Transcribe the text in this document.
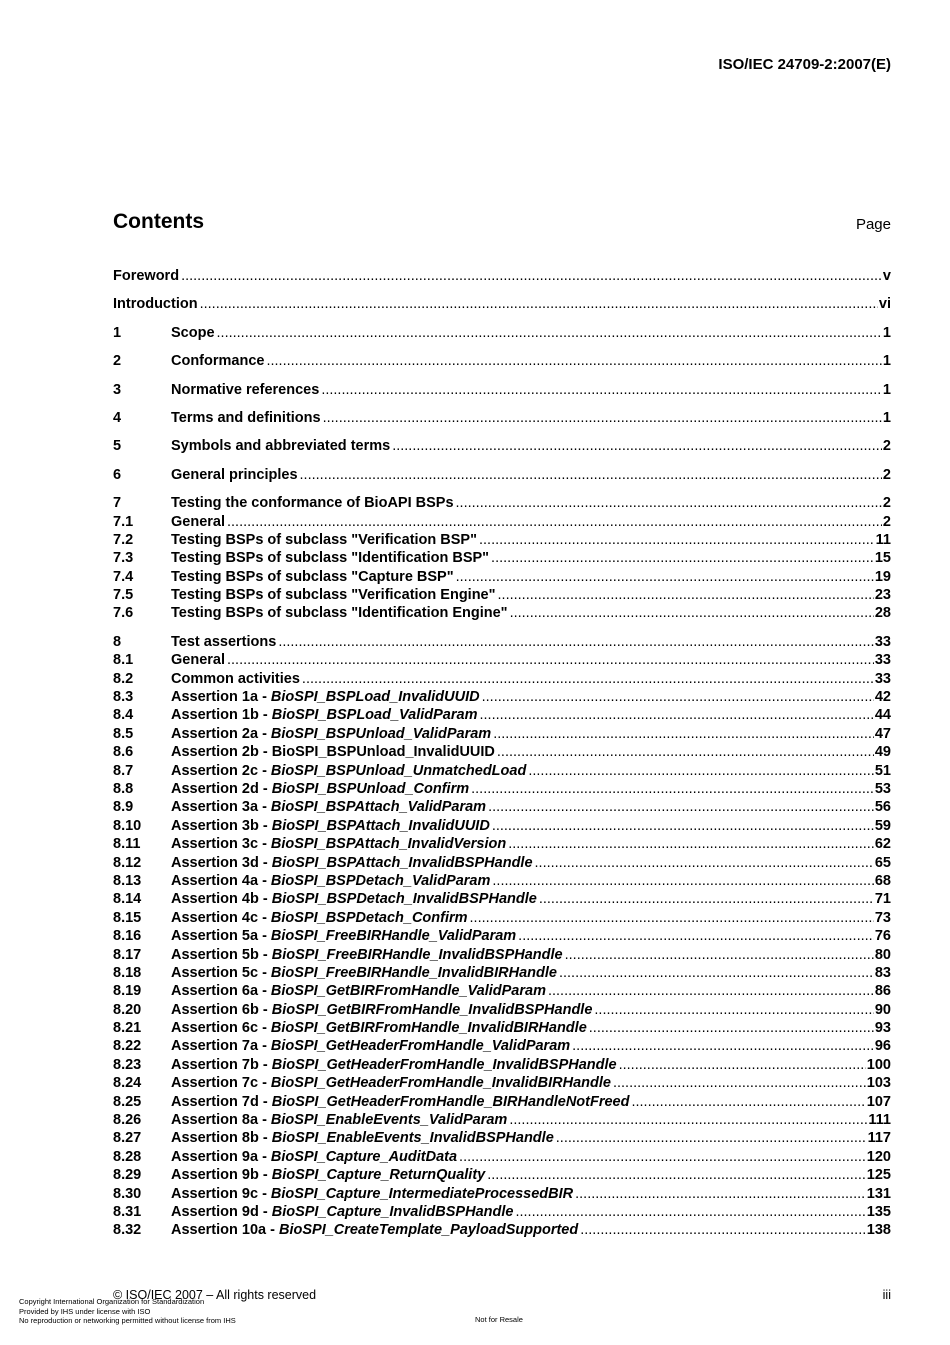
ISO/IEC 24709-2:2007(E)
Contents	Page
Foreword .....	v
Introduction .....	vi
1	Scope .....	1
2	Conformance .....	1
3	Normative references .....	1
4	Terms and definitions .....	1
5	Symbols and abbreviated terms .....	2
6	General principles .....	2
7	Testing the conformance of BioAPI BSPs .....	2
7.1	General .....	2
7.2	Testing BSPs of subclass "Verification BSP" .....	11
7.3	Testing BSPs of subclass "Identification BSP" .....	15
7.4	Testing BSPs of subclass "Capture BSP" .....	19
7.5	Testing BSPs of subclass "Verification Engine" .....	23
7.6	Testing BSPs of subclass "Identification Engine" .....	28
8	Test assertions .....	33
8.1	General .....	33
8.2	Common activities .....	33
8.3	Assertion 1a - BioSPI_BSPLoad_InvalidUUID .....	42
8.4	Assertion 1b - BioSPI_BSPLoad_ValidParam .....	44
8.5	Assertion 2a - BioSPI_BSPUnload_ValidParam .....	47
8.6	Assertion 2b - BioSPI_BSPUnload_InvalidUUID .....	49
8.7	Assertion 2c - BioSPI_BSPUnload_UnmatchedLoad .....	51
8.8	Assertion 2d - BioSPI_BSPUnload_Confirm .....	53
8.9	Assertion 3a - BioSPI_BSPAttach_ValidParam .....	56
8.10	Assertion 3b - BioSPI_BSPAttach_InvalidUUID .....	59
8.11	Assertion 3c - BioSPI_BSPAttach_InvalidVersion .....	62
8.12	Assertion 3d - BioSPI_BSPAttach_InvalidBSPHandle .....	65
8.13	Assertion 4a - BioSPI_BSPDetach_ValidParam .....	68
8.14	Assertion 4b - BioSPI_BSPDetach_InvalidBSPHandle .....	71
8.15	Assertion 4c - BioSPI_BSPDetach_Confirm .....	73
8.16	Assertion 5a - BioSPI_FreeBIRHandle_ValidParam .....	76
8.17	Assertion 5b - BioSPI_FreeBIRHandle_InvalidBSPHandle .....	80
8.18	Assertion 5c - BioSPI_FreeBIRHandle_InvalidBIRHandle .....	83
8.19	Assertion 6a - BioSPI_GetBIRFromHandle_ValidParam .....	86
8.20	Assertion 6b - BioSPI_GetBIRFromHandle_InvalidBSPHandle .....	90
8.21	Assertion 6c - BioSPI_GetBIRFromHandle_InvalidBIRHandle .....	93
8.22	Assertion 7a - BioSPI_GetHeaderFromHandle_ValidParam .....	96
8.23	Assertion 7b - BioSPI_GetHeaderFromHandle_InvalidBSPHandle .....	100
8.24	Assertion 7c - BioSPI_GetHeaderFromHandle_InvalidBIRHandle .....	103
8.25	Assertion 7d - BioSPI_GetHeaderFromHandle_BIRHandleNotFreed .....	107
8.26	Assertion 8a - BioSPI_EnableEvents_ValidParam .....	111
8.27	Assertion 8b - BioSPI_EnableEvents_InvalidBSPHandle .....	117
8.28	Assertion 9a - BioSPI_Capture_AuditData .....	120
8.29	Assertion 9b - BioSPI_Capture_ReturnQuality .....	125
8.30	Assertion 9c - BioSPI_Capture_IntermediateProcessedBIR .....	131
8.31	Assertion 9d - BioSPI_Capture_InvalidBSPHandle .....	135
8.32	Assertion 10a - BioSPI_CreateTemplate_PayloadSupported .....	138
© ISO/IEC 2007 – All rights reserved	iii
Copyright International Organization for Standardization
Provided by IHS under license with ISO
No reproduction or networking permitted without license from IHS	Not for Resale
